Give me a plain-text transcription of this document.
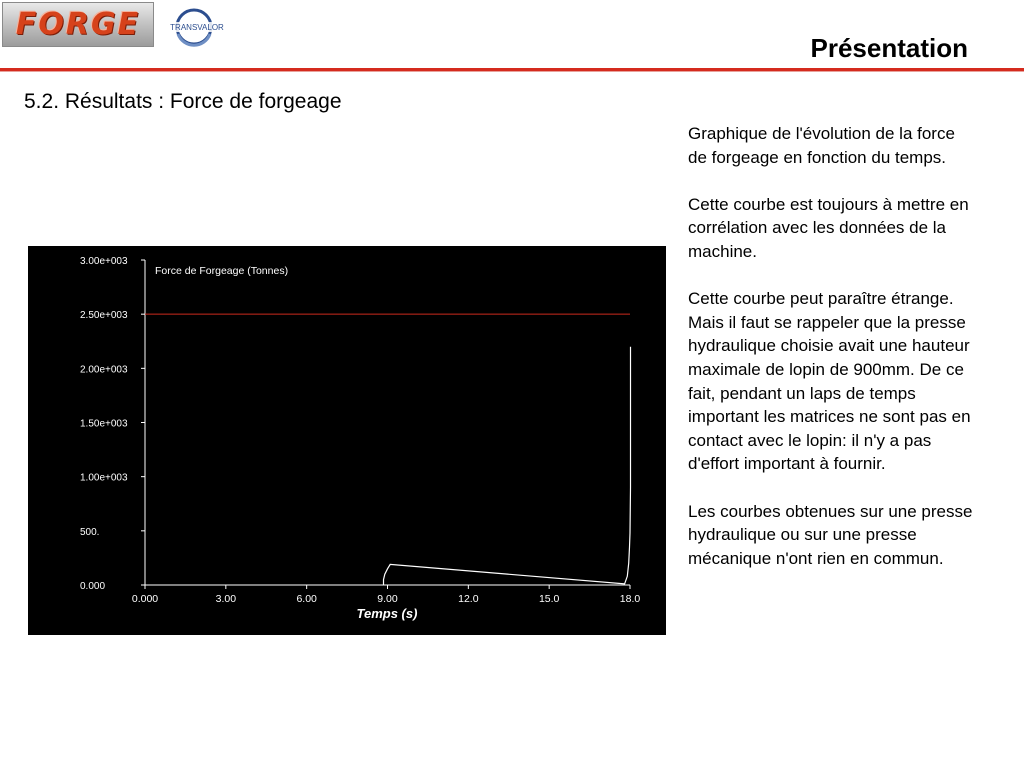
FORGE	TRANSVALOR
Présentation
5.2. Résultats : Force de forgeage
0.000
500.
1.00e+003
1.50e+003
2.00e+003
2.50e+003
3.00e+003
0.000	3.00	6.00	9.00	12.0	15.0	18.0
Force de Forgeage (Tonnes)
Temps (s)

Graphique de l'évolution de la force de forgeage en fonction du temps.

Cette courbe est toujours à mettre en corrélation avec les données de la machine.

Cette courbe peut paraître étrange. Mais il faut se rappeler que la presse hydraulique choisie avait une hauteur maximale de lopin de 900mm. De ce fait, pendant un laps de temps important les matrices ne sont pas en contact avec le lopin: il n'y a pas d'effort important à fournir.

Les courbes obtenues sur une presse hydraulique ou sur une presse mécanique n'ont rien en commun.
